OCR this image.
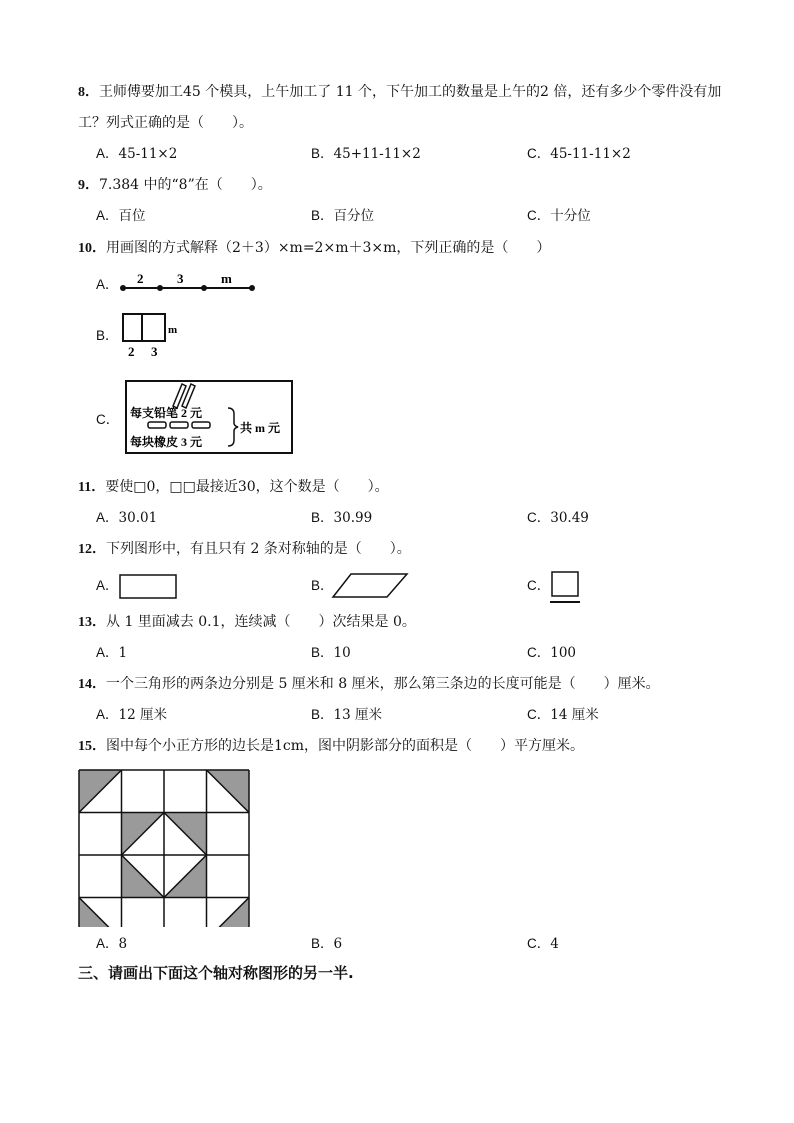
8．王师傅要加工45 个模具，上午加工了 11 个，下午加工的数量是上午的2 倍，还有多少个零件没有加
工？列式正确的是（　　）。
A．45-11×2	B．45+11-11×2	C．45-11-11×2
9．7.384 中的“8”在（　　）。
A．百位	B．百分位	C．十分位
10．用画图的方式解释（2＋3）×m=2×m＋3×m，下列正确的是（　　）
A． 2	3	m
B．	m
2 3
C． 每支铅笔 2 元
每块橡皮 3 元
共 m 元
11．要使□0，□□最接近30，这个数是（　　）。
A．30.01	B．30.99	C．30.49
12．下列图形中，有且只有 2 条对称轴的是（　　）。
A．	B．	C．
13．从 1 里面减去 0.1，连续减（　　）次结果是 0。
A．1	B．10	C．100
14．一个三角形的两条边分别是 5 厘米和 8 厘米，那么第三条边的长度可能是（　　）厘米。
A．12 厘米	B．13 厘米	C．14 厘米
15．图中每个小正方形的边长是1cm，图中阴影部分的面积是（　　）平方厘米。
A．8	B．6	C．4
三、请画出下面这个轴对称图形的另一半.
